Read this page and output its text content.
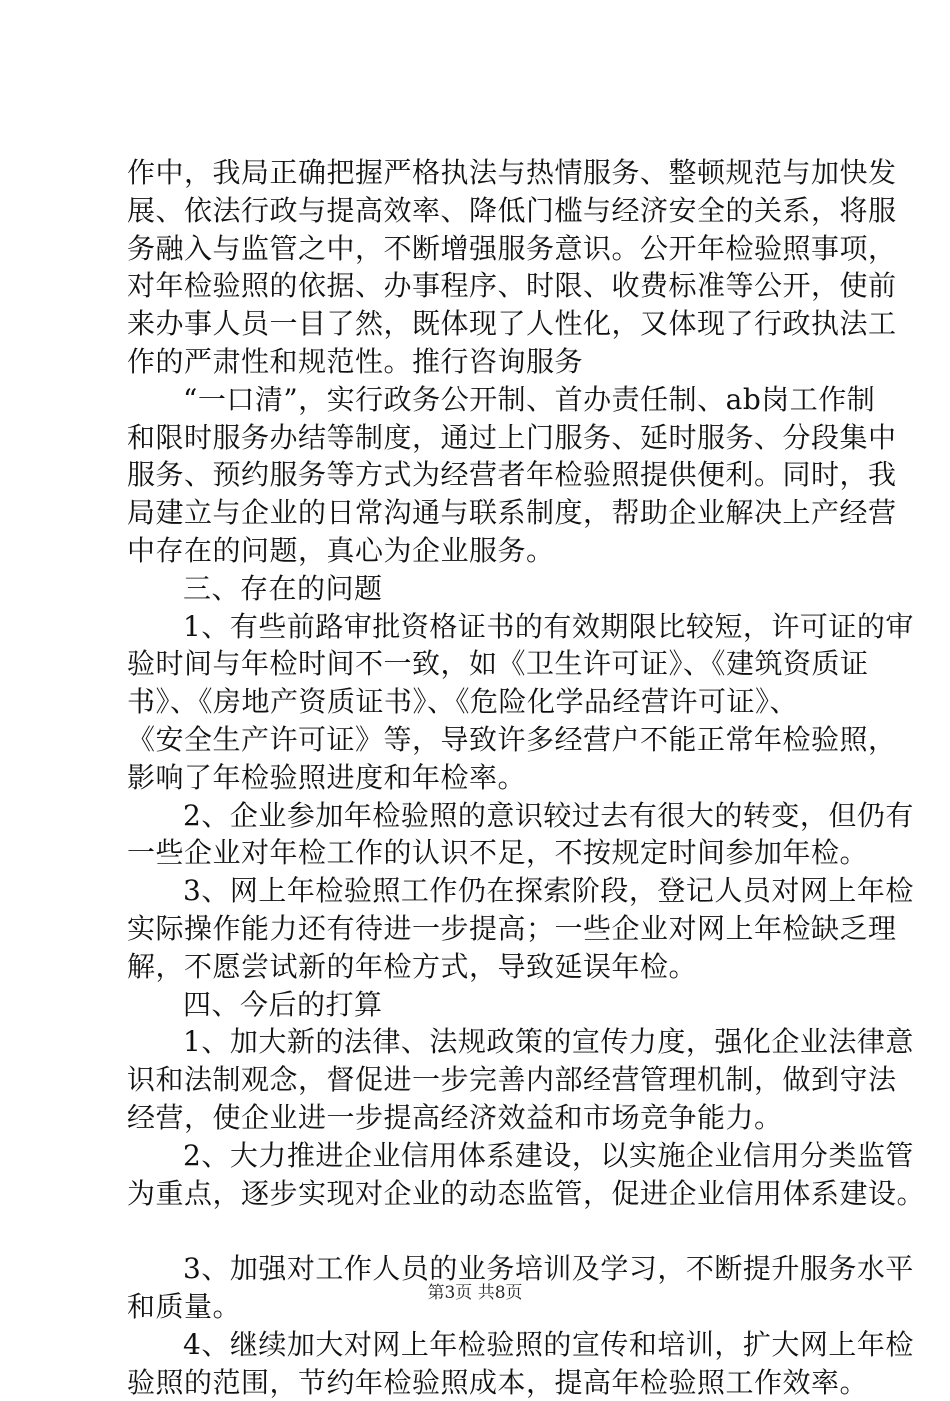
作中，我局正确把握严格执法与热情服务、整顿规范与加快发
展、依法行政与提高效率、降低门槛与经济安全的关系，将服
务融入与监管之中，不断增强服务意识。公开年检验照事项，
对年检验照的依据、办事程序、时限、收费标准等公开，使前
来办事人员一目了然，既体现了人性化，又体现了行政执法工
作的严肃性和规范性。推行咨询服务
“一口清”，实行政务公开制、首办责任制、ab岗工作制
和限时服务办结等制度，通过上门服务、延时服务、分段集中
服务、预约服务等方式为经营者年检验照提供便利。同时，我
局建立与企业的日常沟通与联系制度，帮助企业解决上产经营
中存在的问题，真心为企业服务。
三、存在的问题
1、有些前路审批资格证书的有效期限比较短，许可证的审
验时间与年检时间不一致，如《卫生许可证》、《建筑资质证
书》、《房地产资质证书》、《危险化学品经营许可证》、
《安全生产许可证》等，导致许多经营户不能正常年检验照，
影响了年检验照进度和年检率。
2、企业参加年检验照的意识较过去有很大的转变，但仍有
一些企业对年检工作的认识不足，不按规定时间参加年检。
3、网上年检验照工作仍在探索阶段，登记人员对网上年检
实际操作能力还有待进一步提高；一些企业对网上年检缺乏理
解，不愿尝试新的年检方式，导致延误年检。
四、今后的打算
1、加大新的法律、法规政策的宣传力度，强化企业法律意
识和法制观念，督促进一步完善内部经营管理机制，做到守法
经营，使企业进一步提高经济效益和市场竞争能力。
2、大力推进企业信用体系建设，以实施企业信用分类监管
为重点，逐步实现对企业的动态监管，促进企业信用体系建设。
3、加强对工作人员的业务培训及学习，不断提升服务水平
和质量。
4、继续加大对网上年检验照的宣传和培训，扩大网上年检
验照的范围，节约年检验照成本，提高年检验照工作效率。
第3页 共8页
